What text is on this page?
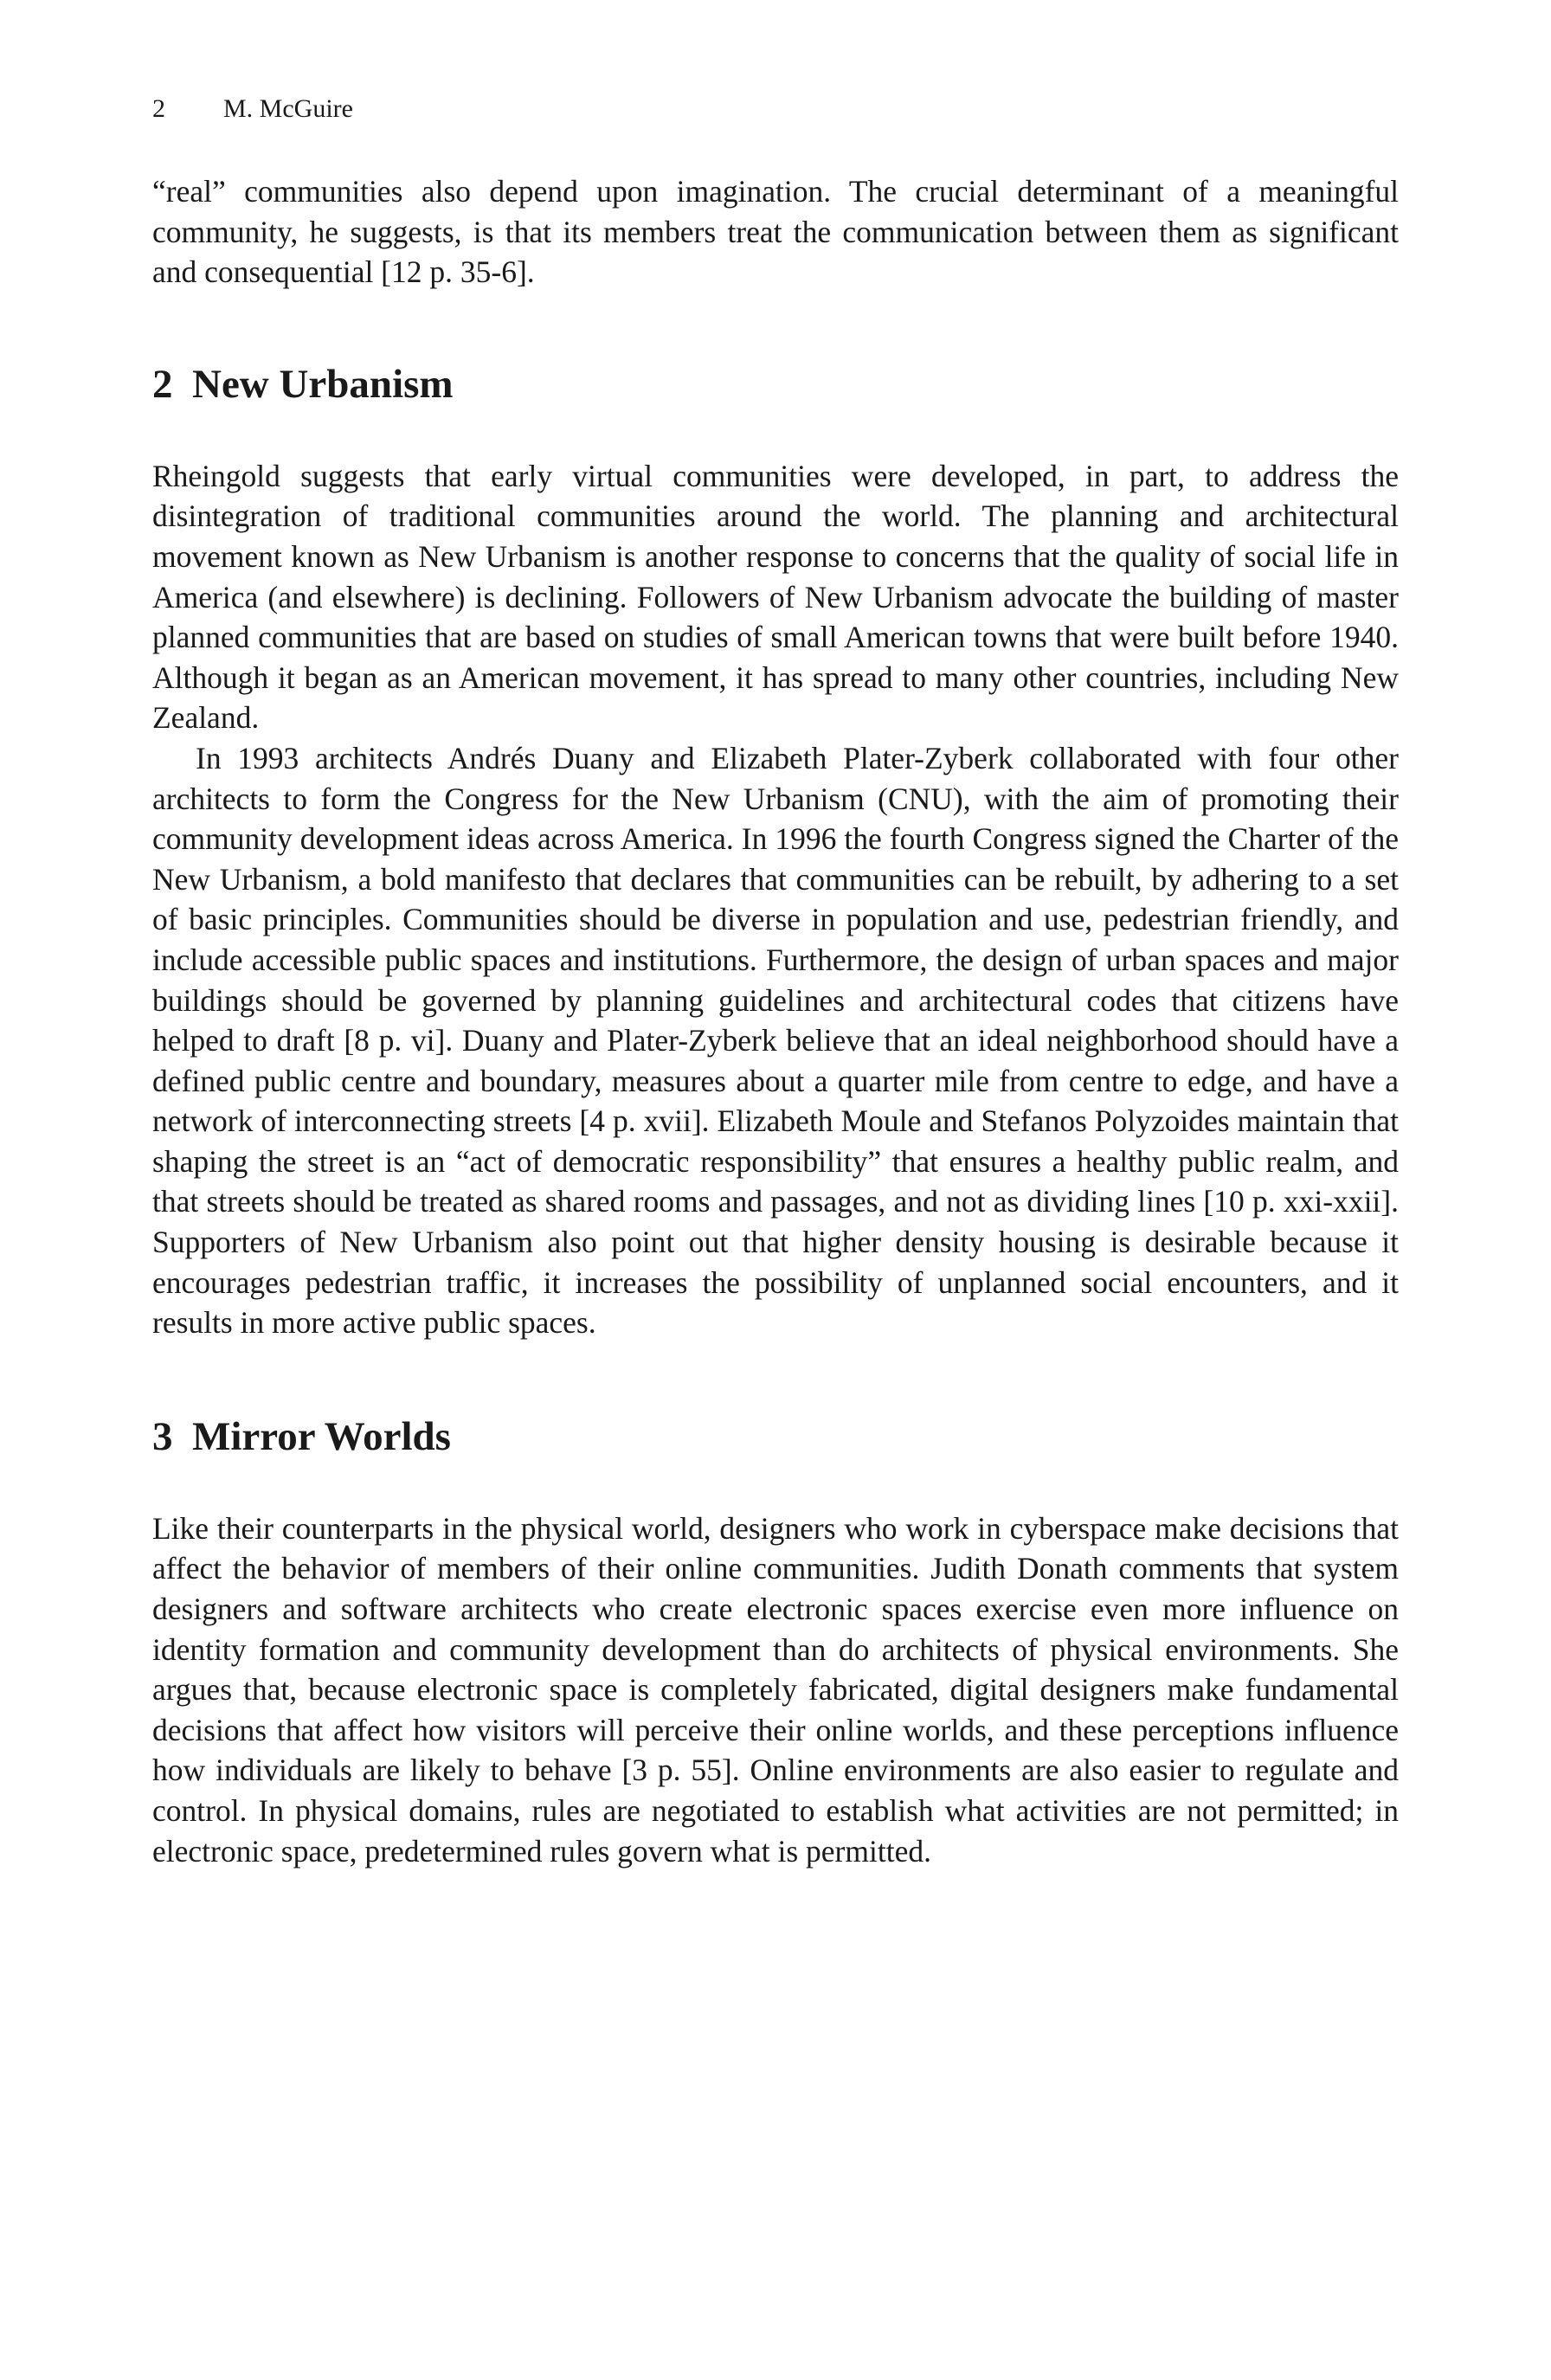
2 M. McGuire

“real” communities also depend upon imagination. The crucial determinant of a meaningful community, he suggests, is that its members treat the communication between them as significant and consequential [12 p. 35-6].

2 New Urbanism

Rheingold suggests that early virtual communities were developed, in part, to address the disintegration of traditional communities around the world. The planning and architectural movement known as New Urbanism is another response to concerns that the quality of social life in America (and elsewhere) is declining. Followers of New Urbanism advocate the building of master planned communities that are based on studies of small American towns that were built before 1940. Although it began as an American movement, it has spread to many other countries, including New Zealand.

In 1993 architects Andrés Duany and Elizabeth Plater-Zyberk collaborated with four other architects to form the Congress for the New Urbanism (CNU), with the aim of promoting their community development ideas across America. In 1996 the fourth Congress signed the Charter of the New Urbanism, a bold manifesto that declares that communities can be rebuilt, by adhering to a set of basic principles. Communities should be diverse in population and use, pedestrian friendly, and include accessible public spaces and institutions. Furthermore, the design of urban spaces and major buildings should be governed by planning guidelines and architectural codes that citizens have helped to draft [8 p. vi]. Duany and Plater-Zyberk believe that an ideal neighborhood should have a defined public centre and boundary, measures about a quarter mile from centre to edge, and have a network of interconnecting streets [4 p. xvii]. Elizabeth Moule and Stefanos Polyzoides maintain that shaping the street is an “act of democratic responsibility” that ensures a healthy public realm, and that streets should be treated as shared rooms and passages, and not as dividing lines [10 p. xxi-xxii]. Supporters of New Urbanism also point out that higher density housing is desirable because it encourages pedestrian traffic, it increases the possibility of unplanned social encounters, and it results in more active public spaces.

3 Mirror Worlds

Like their counterparts in the physical world, designers who work in cyberspace make decisions that affect the behavior of members of their online communities. Judith Donath comments that system designers and software architects who create electronic spaces exercise even more influence on identity formation and community development than do architects of physical environments. She argues that, because electronic space is completely fabricated, digital designers make fundamental decisions that affect how visitors will perceive their online worlds, and these perceptions influence how individuals are likely to behave [3 p. 55]. Online environments are also easier to regulate and control. In physical domains, rules are negotiated to establish what activities are not permitted; in electronic space, predetermined rules govern what is permitted.
